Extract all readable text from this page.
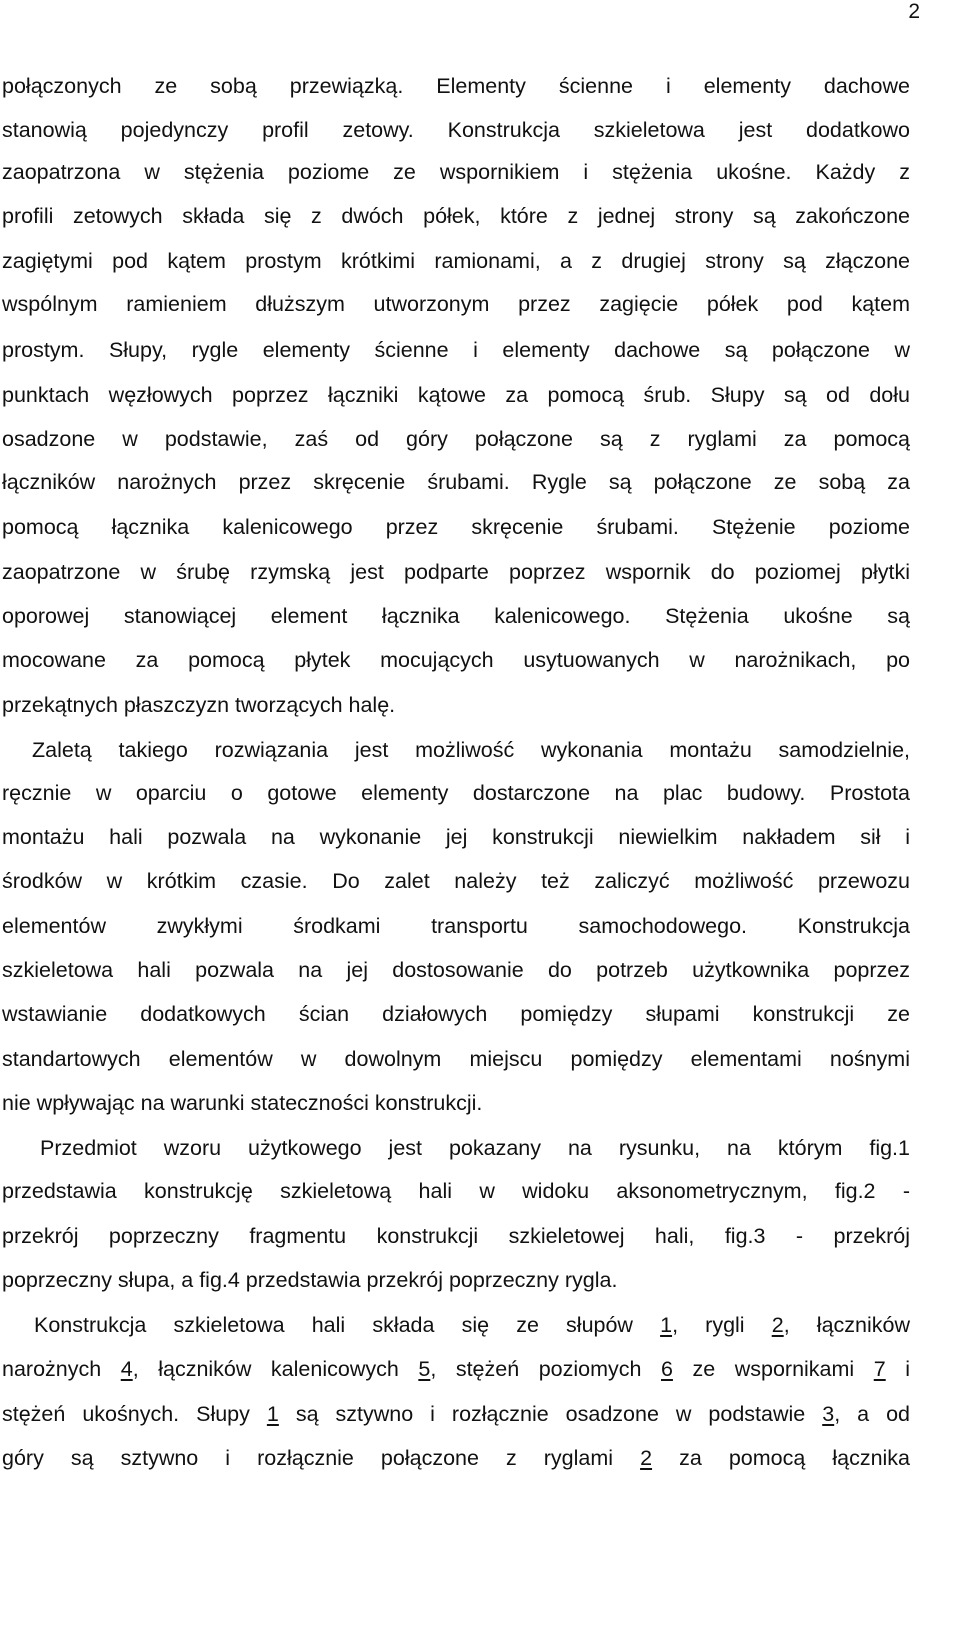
2
połączonych ze sobą przewiązką. Elementy ścienne i elementy dachowe
stanowią pojedynczy profil zetowy. Konstrukcja szkieletowa jest dodatkowo
zaopatrzona w stężenia poziome ze wspornikiem i stężenia ukośne. Każdy z
profili zetowych składa się z dwóch półek, które z jednej strony są zakończone
zagiętymi pod kątem prostym krótkimi ramionami, a z drugiej strony są złączone
wspólnym ramieniem dłuższym utworzonym przez zagięcie półek pod kątem
prostym. Słupy, rygle elementy ścienne i elementy dachowe są połączone w
punktach węzłowych poprzez łączniki kątowe za pomocą śrub. Słupy są od dołu
osadzone w podstawie, zaś od góry połączone są z ryglami za pomocą
łączników narożnych przez skręcenie śrubami. Rygle są połączone ze sobą za
pomocą łącznika kalenicowego przez skręcenie śrubami. Stężenie poziome
zaopatrzone w śrubę rzymską jest podparte poprzez wspornik do poziomej płytki
oporowej stanowiącej element łącznika kalenicowego. Stężenia ukośne są
mocowane za pomocą płytek mocujących usytuowanych w narożnikach, po
przekątnych płaszczyzn tworzących halę.
Zaletą takiego rozwiązania jest możliwość wykonania montażu samodzielnie,
ręcznie w oparciu o gotowe elementy dostarczone na plac budowy. Prostota
montażu hali pozwala na wykonanie jej konstrukcji niewielkim nakładem sił i
środków w krótkim czasie. Do zalet należy też zaliczyć możliwość przewozu
elementów zwykłymi środkami transportu samochodowego. Konstrukcja
szkieletowa hali pozwala na jej dostosowanie do potrzeb użytkownika poprzez
wstawianie dodatkowych ścian działowych pomiędzy słupami konstrukcji ze
standartowych elementów w dowolnym miejscu pomiędzy elementami nośnymi
nie wpływając na warunki stateczności konstrukcji.
Przedmiot wzoru użytkowego jest pokazany na rysunku, na którym fig.1
przedstawia konstrukcję szkieletową hali w widoku aksonometrycznym, fig.2 -
przekrój poprzeczny fragmentu konstrukcji szkieletowej hali, fig.3 - przekrój
poprzeczny słupa, a fig.4 przedstawia przekrój poprzeczny rygla.
Konstrukcja szkieletowa hali składa się ze słupów 1, rygli 2, łączników
narożnych 4, łączników kalenicowych 5, stężeń poziomych 6 ze wspornikami 7 i
stężeń ukośnych. Słupy 1 są sztywno i rozłącznie osadzone w podstawie 3, a od
góry są sztywno i rozłącznie połączone z ryglami 2 za pomocą łącznika
